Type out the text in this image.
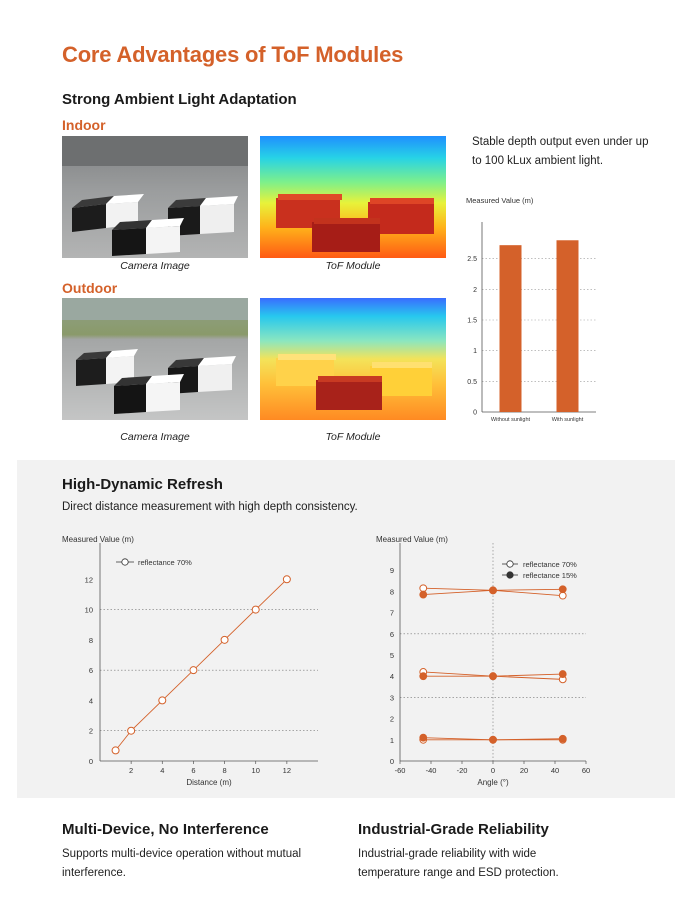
Core Advantages of ToF Modules
Strong Ambient Light Adaptation
Indoor
Camera Image	ToF Module
Outdoor
Camera Image	ToF Module
Stable depth output even under up to 100 kLux ambient light.
Measured Value (m)
0
0.5
1
1.5
2
2.5
Without sunlight	With sunlight
High-Dynamic Refresh
Direct distance measurement with high depth consistency.
Measured Value (m)
0
2
4
6
8
10
12
2	4	6	8	10	12
Distance (m)
reflectance 70%
Measured Value (m)
0
1
2
3
4
5
6
7
8
9
-60	-40	-20	0	20	40	60
Angle (°)
reflectance 70%
reflectance 15%
Multi-Device, No Interference
Supports multi-device operation without mutual interference.
Industrial-Grade Reliability
Industrial-grade reliability with wide temperature range and ESD protection.
